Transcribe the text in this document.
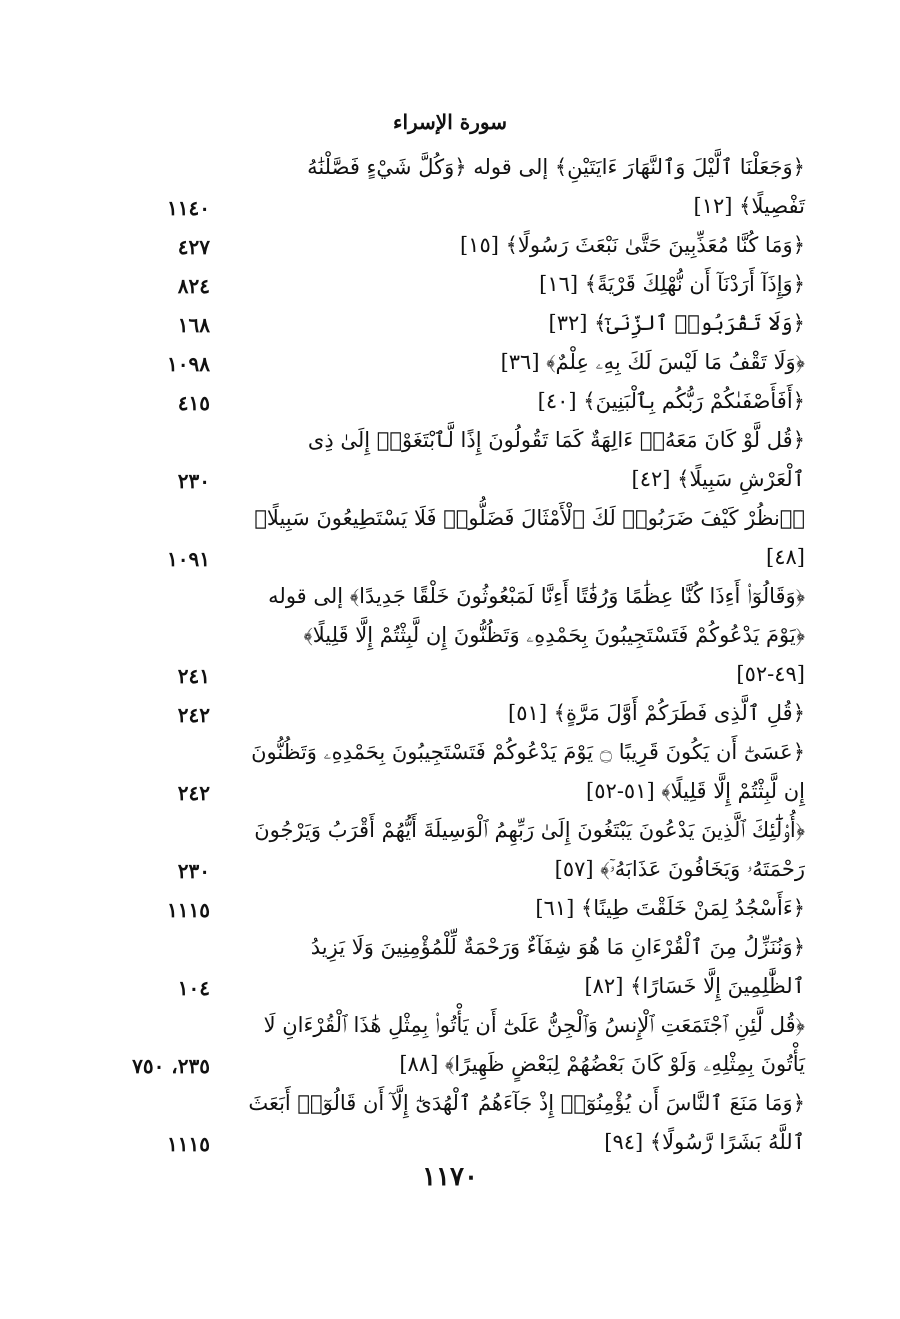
سورة الإسراء
﴿وَجَعَلْنَا ٱلَّيْلَ وَٱلنَّهَارَ ءَايَتَيْنِ﴾ إلى قوله ﴿وَكُلَّ شَيْءٍ فَصَّلْنَٰهُ تَفْصِيلًا﴾ [١٢]
١١٤٠
﴿وَمَا كُنَّا مُعَذِّبِينَ حَتَّىٰ نَبْعَثَ رَسُولًا﴾ [١٥]
٤٢٧
﴿وَإِذَآ أَرَدْنَآ أَن نُّهْلِكَ قَرْيَةً﴾ [١٦]
٨٢٤
﴿وَلَا تَقْرَبُوا۟ ٱلزِّنَىٰٓ﴾ [٣٢]
١٦٨
﴿وَلَا تَقْفُ مَا لَيْسَ لَكَ بِهِۦ عِلْمٌ﴾ [٣٦]
١٠٩٨
﴿أَفَأَصْفَىٰكُمْ رَبُّكُم بِٱلْبَنِينَ﴾ [٤٠]
٤١٥
﴿قُل لَّوْ كَانَ مَعَهُۥٓ ءَالِهَةٌ كَمَا تَقُولُونَ إِذًا لَّٱبْتَغَوْا۟ إِلَىٰ ذِى ٱلْعَرْشِ سَبِيلًا﴾ [٤٢]
٢٣٠
﴿ٱنظُرْ كَيْفَ ضَرَبُوا۟ لَكَ ٱلْأَمْثَالَ فَضَلُّوا۟ فَلَا يَسْتَطِيعُونَ سَبِيلًا﴾ [٤٨]
١٠٩١
﴿وَقَالُوٓا۟ أَءِذَا كُنَّا عِظَٰمًا وَرُفَٰتًا أَءِنَّا لَمَبْعُوثُونَ خَلْقًا جَدِيدًا﴾ إلى قوله ﴿يَوْمَ يَدْعُوكُمْ فَتَسْتَجِيبُونَ بِحَمْدِهِۦ وَتَظُنُّونَ إِن لَّبِثْتُمْ إِلَّا قَلِيلًا﴾ [٤٩-٥٢]
٢٤١
﴿قُلِ ٱلَّذِى فَطَرَكُمْ أَوَّلَ مَرَّةٍ﴾ [٥١]
٢٤٢
﴿عَسَىٰٓ أَن يَكُونَ قَرِيبًا ۝ يَوْمَ يَدْعُوكُمْ فَتَسْتَجِيبُونَ بِحَمْدِهِۦ وَتَظُنُّونَ إِن لَّبِثْتُمْ إِلَّا قَلِيلًا﴾ [٥١-٥٢]
٢٤٢
﴿أُو۟لَٰٓئِكَ ٱلَّذِينَ يَدْعُونَ يَبْتَغُونَ إِلَىٰ رَبِّهِمُ ٱلْوَسِيلَةَ أَيُّهُمْ أَقْرَبُ وَيَرْجُونَ رَحْمَتَهُۥ وَيَخَافُونَ عَذَابَهُۥٓ﴾ [٥٧]
٢٣٠
﴿ءَأَسْجُدُ لِمَنْ خَلَقْتَ طِينًا﴾ [٦١]
١١١٥
﴿وَنُنَزِّلُ مِنَ ٱلْقُرْءَانِ مَا هُوَ شِفَآءٌ وَرَحْمَةٌ لِّلْمُؤْمِنِينَ وَلَا يَزِيدُ ٱلظَّٰلِمِينَ إِلَّا خَسَارًا﴾ [٨٢]
١٠٤
﴿قُل لَّئِنِ ٱجْتَمَعَتِ ٱلْإِنسُ وَٱلْجِنُّ عَلَىٰٓ أَن يَأْتُوا۟ بِمِثْلِ هَٰذَا ٱلْقُرْءَانِ لَا يَأْتُونَ بِمِثْلِهِۦ وَلَوْ كَانَ بَعْضُهُمْ لِبَعْضٍ ظَهِيرًا﴾ [٨٨]
٢٣٥، ٧٥٠
﴿وَمَا مَنَعَ ٱلنَّاسَ أَن يُؤْمِنُوٓا۟ إِذْ جَآءَهُمُ ٱلْهُدَىٰٓ إِلَّآ أَن قَالُوٓا۟ أَبَعَثَ ٱللَّهُ بَشَرًا رَّسُولًا﴾ [٩٤]
١١١٥
١١٧٠
